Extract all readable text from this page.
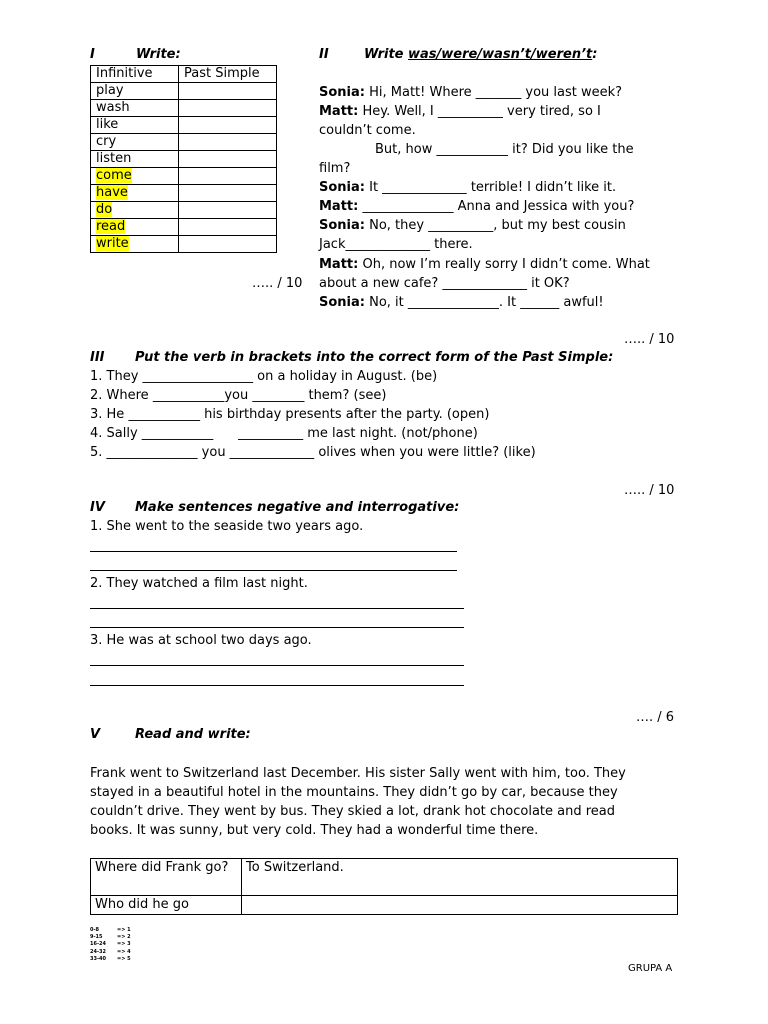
I	Write:
Infinitive	Past Simple
play	
wash	
like	
cry	
listen	
come	
have	
do	
read	
write	
….. / 10
II	Write was/were/wasn’t/weren’t:
Sonia: Hi, Matt! Where _______ you last week?
Matt: Hey. Well, I __________ very tired, so I
couldn’t come.
But, how ___________ it? Did you like the
film?
Sonia: It _____________ terrible! I didn’t like it.
Matt: ______________ Anna and Jessica with you?
Sonia: No, they __________, but my best cousin
Jack_____________ there.
Matt: Oh, now I’m really sorry I didn’t come. What
about a new cafe? _____________ it OK?
Sonia: No, it ______________. It ______ awful!
….. / 10
III Put the verb in brackets into the correct form of the Past Simple:
1. They _________________ on a holiday in August. (be)
2. Where ___________you ________ them? (see)
3. He ___________ his birthday presents after the party. (open)
4. Sally ___________      __________ me last night. (not/phone)
5. ______________ you _____________ olives when you were little? (like)
….. / 10
IV Make sentences negative and interrogative:
1. She went to the seaside two years ago.
2. They watched a film last night.
3. He was at school two days ago.
…. / 6
V	Read and write:
Frank went to Switzerland last December. His sister Sally went with him, too. They
stayed in a beautiful hotel in the mountains. They didn’t go by car, because they
couldn’t drive. They went by bus. They skied a lot, drank hot chocolate and read
books. It was sunny, but very cold. They had a wonderful time there.
Where did Frank go?	To Switzerland.
Who did he go	
0-8	=> 1
9-15	=> 2
16-24 => 3
24-32 => 4
33-40 => 5
GRUPA A
